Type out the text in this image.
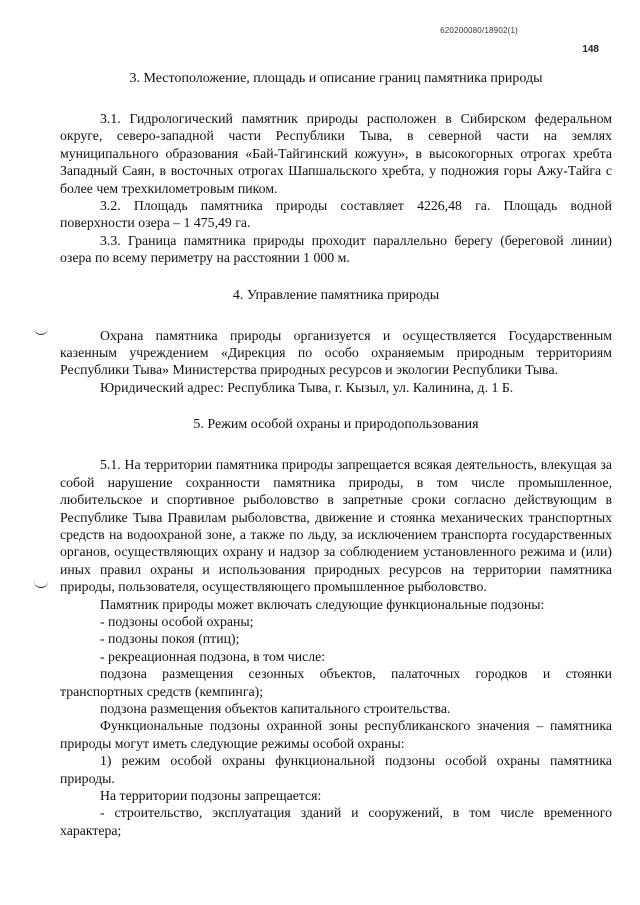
620200080/18902(1)
148
3. Местоположение, площадь и описание границ памятника природы

3.1. Гидрологический памятник природы расположен в Сибирском федеральном округе, северо-западной части Республики Тыва, в северной части на землях муниципального образования «Бай-Тайгинский кожуун», в высокогорных отрогах хребта Западный Саян, в восточных отрогах Шапшальского хребта, у подножия горы Ажу-Тайга с более чем трехкилометровым пиком.

3.2. Площадь памятника природы составляет 4226,48 га. Площадь водной поверхности озера – 1 475,49 га.

3.3. Граница памятника природы проходит параллельно берегу (береговой линии) озера по всему периметру на расстоянии 1 000 м.

4. Управление памятника природы

Охрана памятника природы организуется и осуществляется Государственным казенным учреждением «Дирекция по особо охраняемым природным территориям Республики Тыва» Министерства природных ресурсов и экологии Республики Тыва.

Юридический адрес: Республика Тыва, г. Кызыл, ул. Калинина, д. 1 Б.

5. Режим особой охраны и природопользования

5.1. На территории памятника природы запрещается всякая деятельность, влекущая за собой нарушение сохранности памятника природы, в том числе промышленное, любительское и спортивное рыболовство в запретные сроки согласно действующим в Республике Тыва Правилам рыболовства, движение и стоянка механических транспортных средств на водоохраной зоне, а также по льду, за исключением транспорта государственных органов, осуществляющих охрану и надзор за соблюдением установленного режима и (или) иных правил охраны и использования природных ресурсов на территории памятника природы, пользователя, осуществляющего промышленное рыболовство.

Памятник природы может включать следующие функциональные подзоны:

- подзоны особой охраны;

- подзоны покоя (птиц);

- рекреационная подзона, в том числе:

подзона размещения сезонных объектов, палаточных городков и стоянки транспортных средств (кемпинга);

подзона размещения объектов капитального строительства.

Функциональные подзоны охранной зоны республиканского значения – памятника природы могут иметь следующие режимы особой охраны:

1) режим особой охраны функциональной подзоны особой охраны памятника природы.

На территории подзоны запрещается:

- строительство, эксплуатация зданий и сооружений, в том числе временного характера;
